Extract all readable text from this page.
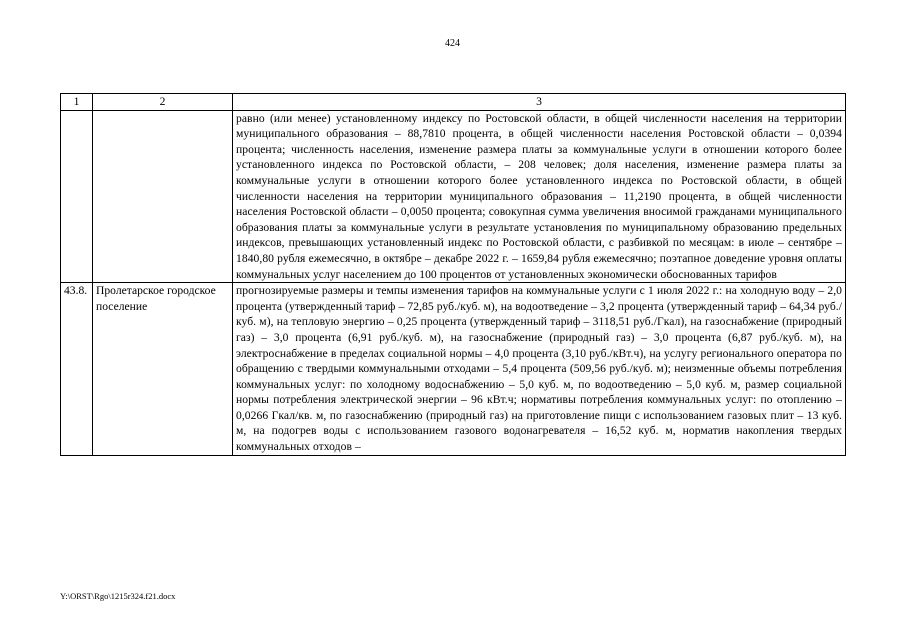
424
1	2	3
		равно (или менее) установленному индексу по Ростовской области, в общей численности населения на территории муниципального образования – 88,7810 процента, в общей численности населения Ростовской области – 0,0394 процента; численность населения, изменение размера платы за коммунальные услуги в отношении которого более установленного индекса по Ростовской области, – 208 человек; доля населения, изменение размера платы за коммунальные услуги в отношении которого более установленного индекса по Ростовской области, в общей численности населения на территории муниципального образования – 11,2190 процента, в общей численности населения Ростовской области – 0,0050 процента; совокупная сумма увеличения вносимой гражданами муниципального образования платы за коммунальные услуги в результате установления по муниципальному образованию предельных индексов, превышающих установленный индекс по Ростовской области, с разбивкой по месяцам: в июле – сентябре – 1840,80 рубля ежемесячно, в октябре – декабре 2022 г. – 1659,84 рубля ежемесячно; поэтапное доведение уровня оплаты коммунальных услуг населением до 100 процентов от установленных экономически обоснованных тарифов
43.8.	Пролетарское городское поселение	прогнозируемые размеры и темпы изменения тарифов на коммунальные услуги с 1 июля 2022 г.: на холодную воду – 2,0 процента (утвержденный тариф – 72,85 руб./куб. м), на водоотведение – 3,2 процента (утвержденный тариф – 64,34 руб./куб. м), на тепловую энергию – 0,25 процента (утвержденный тариф – 3118,51 руб./Гкал), на газоснабжение (природный газ) – 3,0 процента (6,91 руб./куб. м), на газоснабжение (природный газ) – 3,0 процента (6,87 руб./куб. м), на электроснабжение в пределах социальной нормы – 4,0 процента (3,10 руб./кВт.ч), на услугу регионального оператора по обращению с твердыми коммунальными отходами – 5,4 процента (509,56 руб./куб. м); неизменные объемы потребления коммунальных услуг: по холодному водоснабжению – 5,0 куб. м, по водоотведению – 5,0 куб. м, размер социальной нормы потребления электрической энергии – 96 кВт.ч; нормативы потребления коммунальных услуг: по отоплению – 0,0266 Гкал/кв. м, по газоснабжению (природный газ) на приготовление пищи с использованием газовых плит – 13 куб. м, на подогрев воды с использованием газового водонагревателя – 16,52 куб. м, норматив накопления твердых коммунальных отходов –
Y:\ORST\Rgo\1215r324.f21.docx
